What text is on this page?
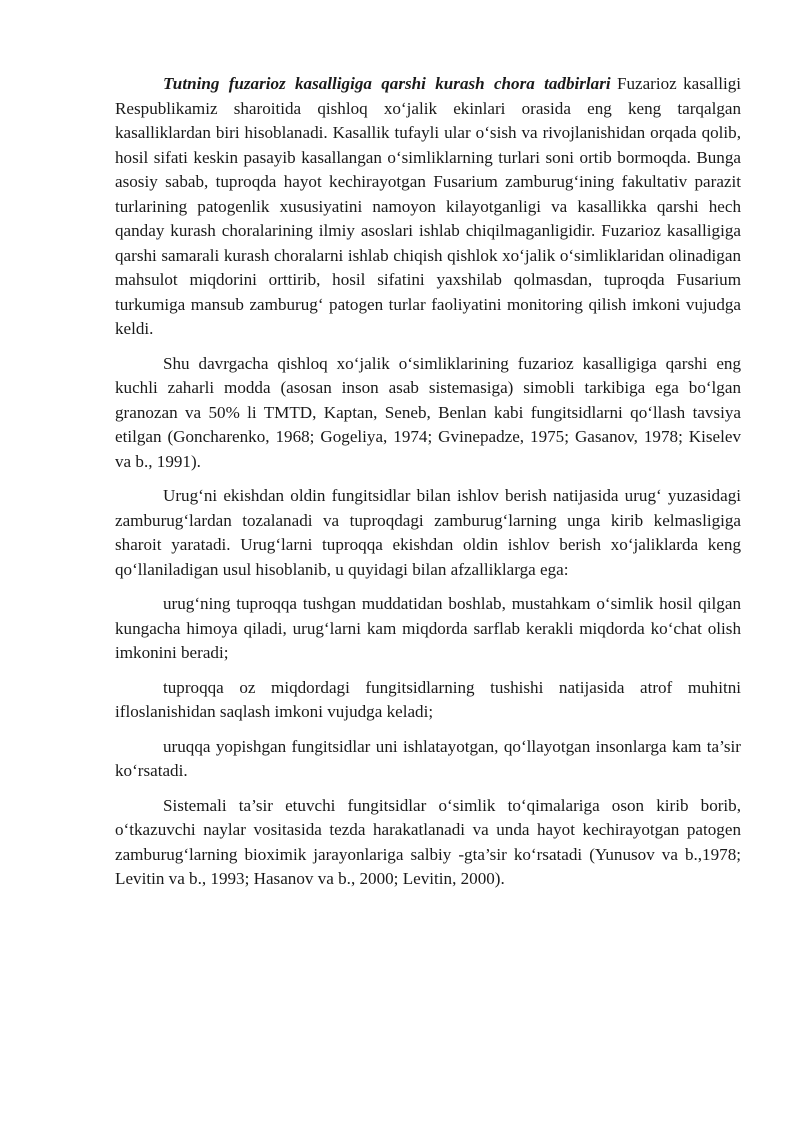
Tutning fuzarioz kasalligiga qarshi kurash chora tadbirlari Fuzarioz kasalligi Respublikamiz sharoitida qishloq xo‘jalik ekinlari orasida eng keng tarqalgan kasalliklardan biri hisoblanadi. Kasallik tufayli ular o‘sish va rivojlanishidan orqada qolib, hosil sifati keskin pasayib kasallangan o‘simliklarning turlari soni ortib bormoqda. Bunga asosiy sabab, tuproqda hayot kechirayotgan Fusarium zamburug‘ining fakultativ parazit turlarining patogenlik xususiyatini namoyon kilayotganligi va kasallikka qarshi hech qanday kurash choralarining ilmiy asoslari ishlab chiqilmaganligidir. Fuzarioz kasalligiga qarshi samarali kurash choralarni ishlab chiqish qishlok xo‘jalik o‘simliklaridan olinadigan mahsulot miqdorini orttirib, hosil sifatini yaxshilab qolmasdan, tuproqda Fusarium turkumiga mansub zamburug‘ patogen turlar faoliyatini monitoring qilish imkoni vujudga keldi.

Shu davrgacha qishloq xo‘jalik o‘simliklarining fuzarioz kasalligiga qarshi eng kuchli zaharli modda (asosan inson asab sistemasiga) simobli tarkibiga ega bo‘lgan granozan va 50% li TMTD, Kaptan, Seneb, Benlan kabi fungitsidlarni qo‘llash tavsiya etilgan (Goncharenko, 1968; Gogeliya, 1974; Gvinepadze, 1975; Gasanov, 1978; Kiselev va b., 1991).

Urug‘ni ekishdan oldin fungitsidlar bilan ishlov berish natijasida urug‘ yuzasidagi zamburug‘lardan tozalanadi va tuproqdagi zamburug‘larning unga kirib kelmasligiga sharoit yaratadi. Urug‘larni tuproqqa ekishdan oldin ishlov berish xo‘jaliklarda keng qo‘llaniladigan usul hisoblanib, u quyidagi bilan afzalliklarga ega:

urug‘ning tuproqqa tushgan muddatidan boshlab, mustahkam o‘simlik hosil qilgan kungacha himoya qiladi, urug‘larni kam miqdorda sarflab kerakli miqdorda ko‘chat olish imkonini beradi;

tuproqqa oz miqdordagi fungitsidlarning tushishi natijasida atrof muhitni ifloslanishidan saqlash imkoni vujudga keladi;

uruqqa yopishgan fungitsidlar uni ishlatayotgan, qo‘llayotgan insonlarga kam ta’sir ko‘rsatadi.

Sistemali ta’sir etuvchi fungitsidlar o‘simlik to‘qimalariga oson kirib borib, o‘tkazuvchi naylar vositasida tezda harakatlanadi va unda hayot kechirayotgan patogen zamburug‘larning bioximik jarayonlariga salbiy -gta’sir ko‘rsatadi (Yunusov va b.,1978; Levitin va b., 1993; Hasanov va b., 2000; Levitin, 2000).
